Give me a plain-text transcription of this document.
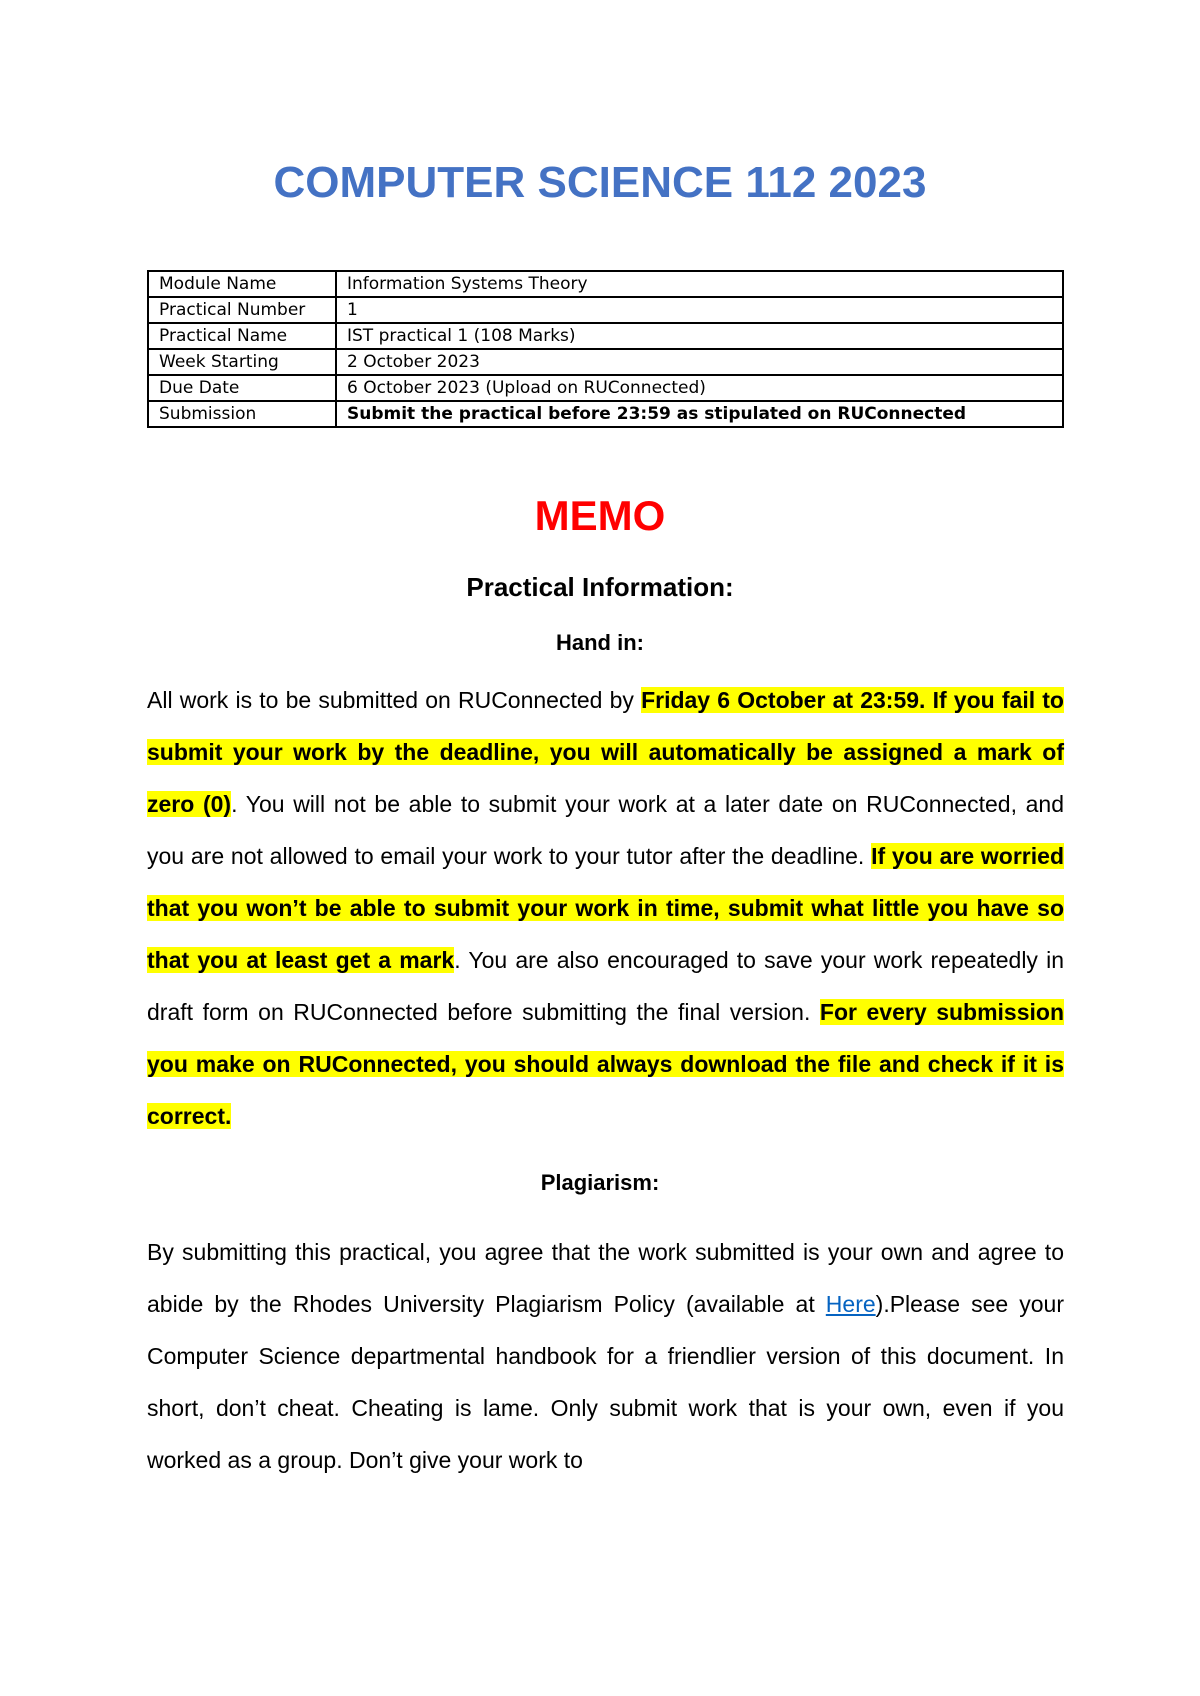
COMPUTER SCIENCE 112 2023
Module Name	Information Systems Theory
Practical Number	1
Practical Name	IST practical 1 (108 Marks)
Week Starting	2 October 2023
Due Date	6 October 2023 (Upload on RUConnected)
Submission	Submit the practical before 23:59 as stipulated on RUConnected
MEMO
Practical Information:
Hand in:

All work is to be submitted on RUConnected by Friday 6 October at 23:59. If you fail to submit your work by the deadline, you will automatically be assigned a mark of zero (0). You will not be able to submit your work at a later date on RUConnected, and you are not allowed to email your work to your tutor after the deadline. If you are worried that you won’t be able to submit your work in time, submit what little you have so that you at least get a mark. You are also encouraged to save your work repeatedly in draft form on RUConnected before submitting the final version. For every submission you make on RUConnected, you should always download the file and check if it is correct.

Plagiarism:

By submitting this practical, you agree that the work submitted is your own and agree to abide by the Rhodes University Plagiarism Policy (available at Here).Please see your Computer Science departmental handbook for a friendlier version of this document. In short, don’t cheat. Cheating is lame. Only submit work that is your own, even if you worked as a group. Don’t give your work to
